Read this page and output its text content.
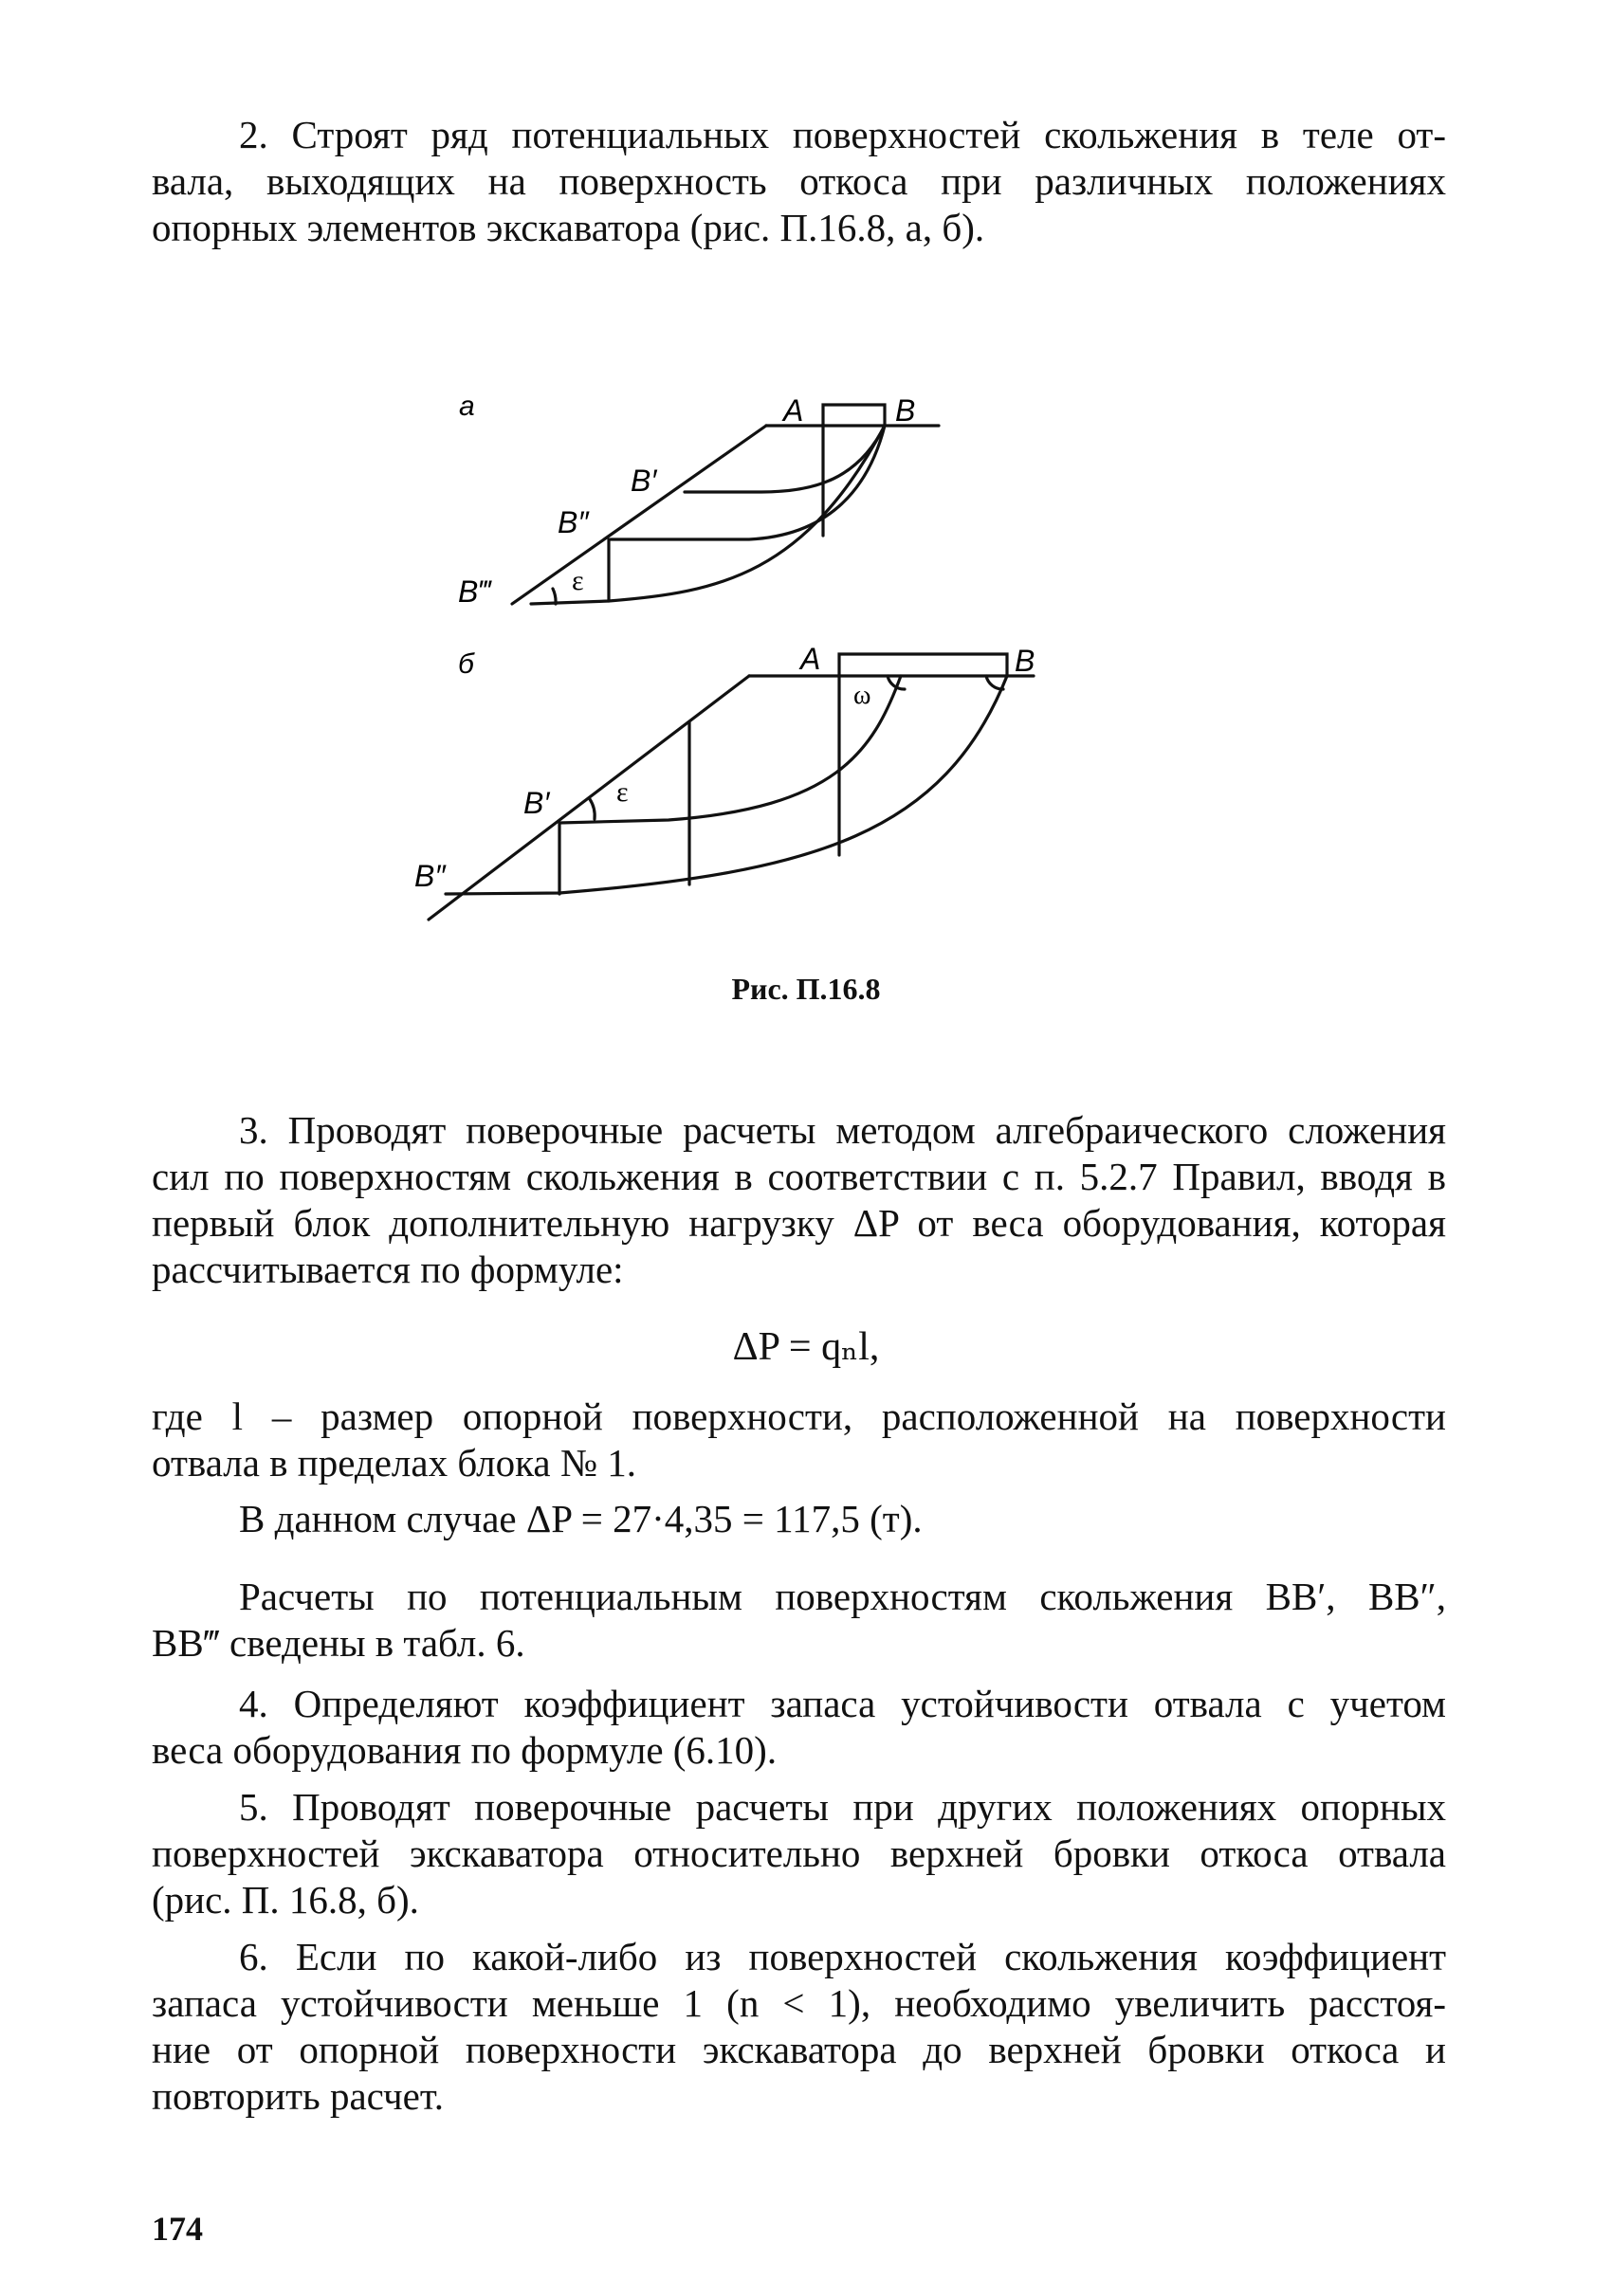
2. Строят ряд потенциальных поверхностей скольжения в теле от-
вала, выходящих на поверхность откоса при различных положениях
опорных элементов экскаватора (рис. П.16.8, а, б).
а	A	B
B′
B″
B‴	ε
б	A	B
B′
B″
ε
ω
Рис. П.16.8
3. Проводят поверочные расчеты методом алгебраического сложения
сил по поверхностям скольжения в соответствии с п. 5.2.7 Правил, вводя в
первый блок дополнительную нагрузку ΔP от веса оборудования, которая
рассчитывается по формуле:
ΔP = qₙl,
где l – размер опорной поверхности, расположенной на поверхности
отвала в пределах блока № 1.
В данном случае ΔP = 27·4,35 = 117,5 (т).
Расчеты по потенциальным поверхностям скольжения BB′, BB″,
BB‴ сведены в табл. 6.
4. Определяют коэффициент запаса устойчивости отвала с учетом
веса оборудования по формуле (6.10).
5. Проводят поверочные расчеты при других положениях опорных
поверхностей экскаватора относительно верхней бровки откоса отвала
(рис. П. 16.8, б).
6. Если по какой-либо из поверхностей скольжения коэффициент
запаса устойчивости меньше 1 (n < 1), необходимо увеличить расстоя-
ние от опорной поверхности экскаватора до верхней бровки откоса и
повторить расчет.
174
